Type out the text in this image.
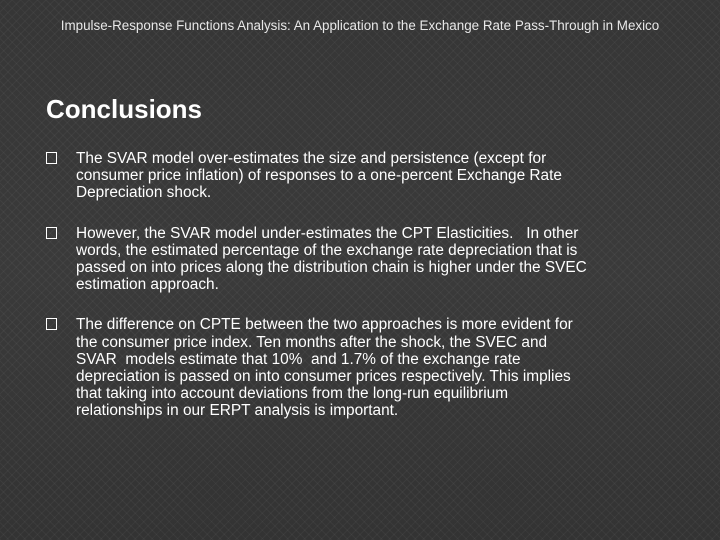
Impulse-Response Functions Analysis: An Application to the Exchange Rate Pass-Through in Mexico
Conclusions
The SVAR model over-estimates the size and persistence (except for
consumer price inflation) of responses to a one-percent Exchange Rate
Depreciation shock.
However, the SVAR model under-estimates the CPT Elasticities.   In other
words, the estimated percentage of the exchange rate depreciation that is
passed on into prices along the distribution chain is higher under the SVEC
estimation approach.
The difference on CPTE between the two approaches is more evident for
the consumer price index. Ten months after the shock, the SVEC and
SVAR  models estimate that 10%  and 1.7% of the exchange rate
depreciation is passed on into consumer prices respectively. This implies
that taking into account deviations from the long-run equilibrium
relationships in our ERPT analysis is important.
